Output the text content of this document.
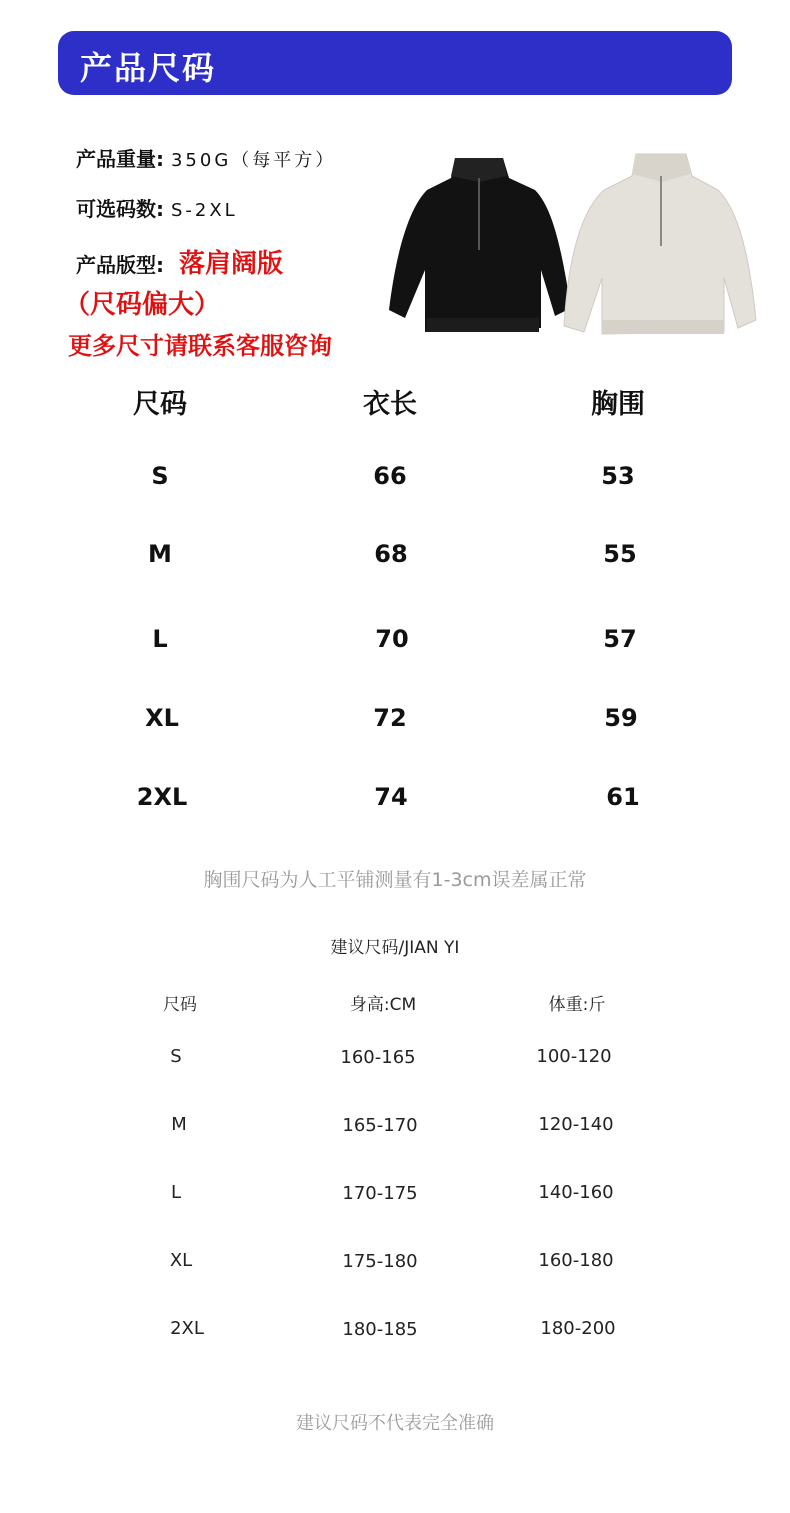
产品尺码
产品重量: 350G（每平方）
可选码数: S-2XL
产品版型: 落肩阔版
（尺码偏大）
更多尺寸请联系客服咨询
尺码	衣长	胸围
S	66	53
M	68	55
L	70	57
XL	72	59
2XL	74	61
胸围尺码为人工平铺测量有1-3cm误差属正常
建议尺码/JIAN YI
尺码	身高:CM	体重:斤
S	160-165	100-120
M	165-170	120-140
L	170-175	140-160
XL	175-180	160-180
2XL	180-185	180-200
建议尺码不代表完全准确
